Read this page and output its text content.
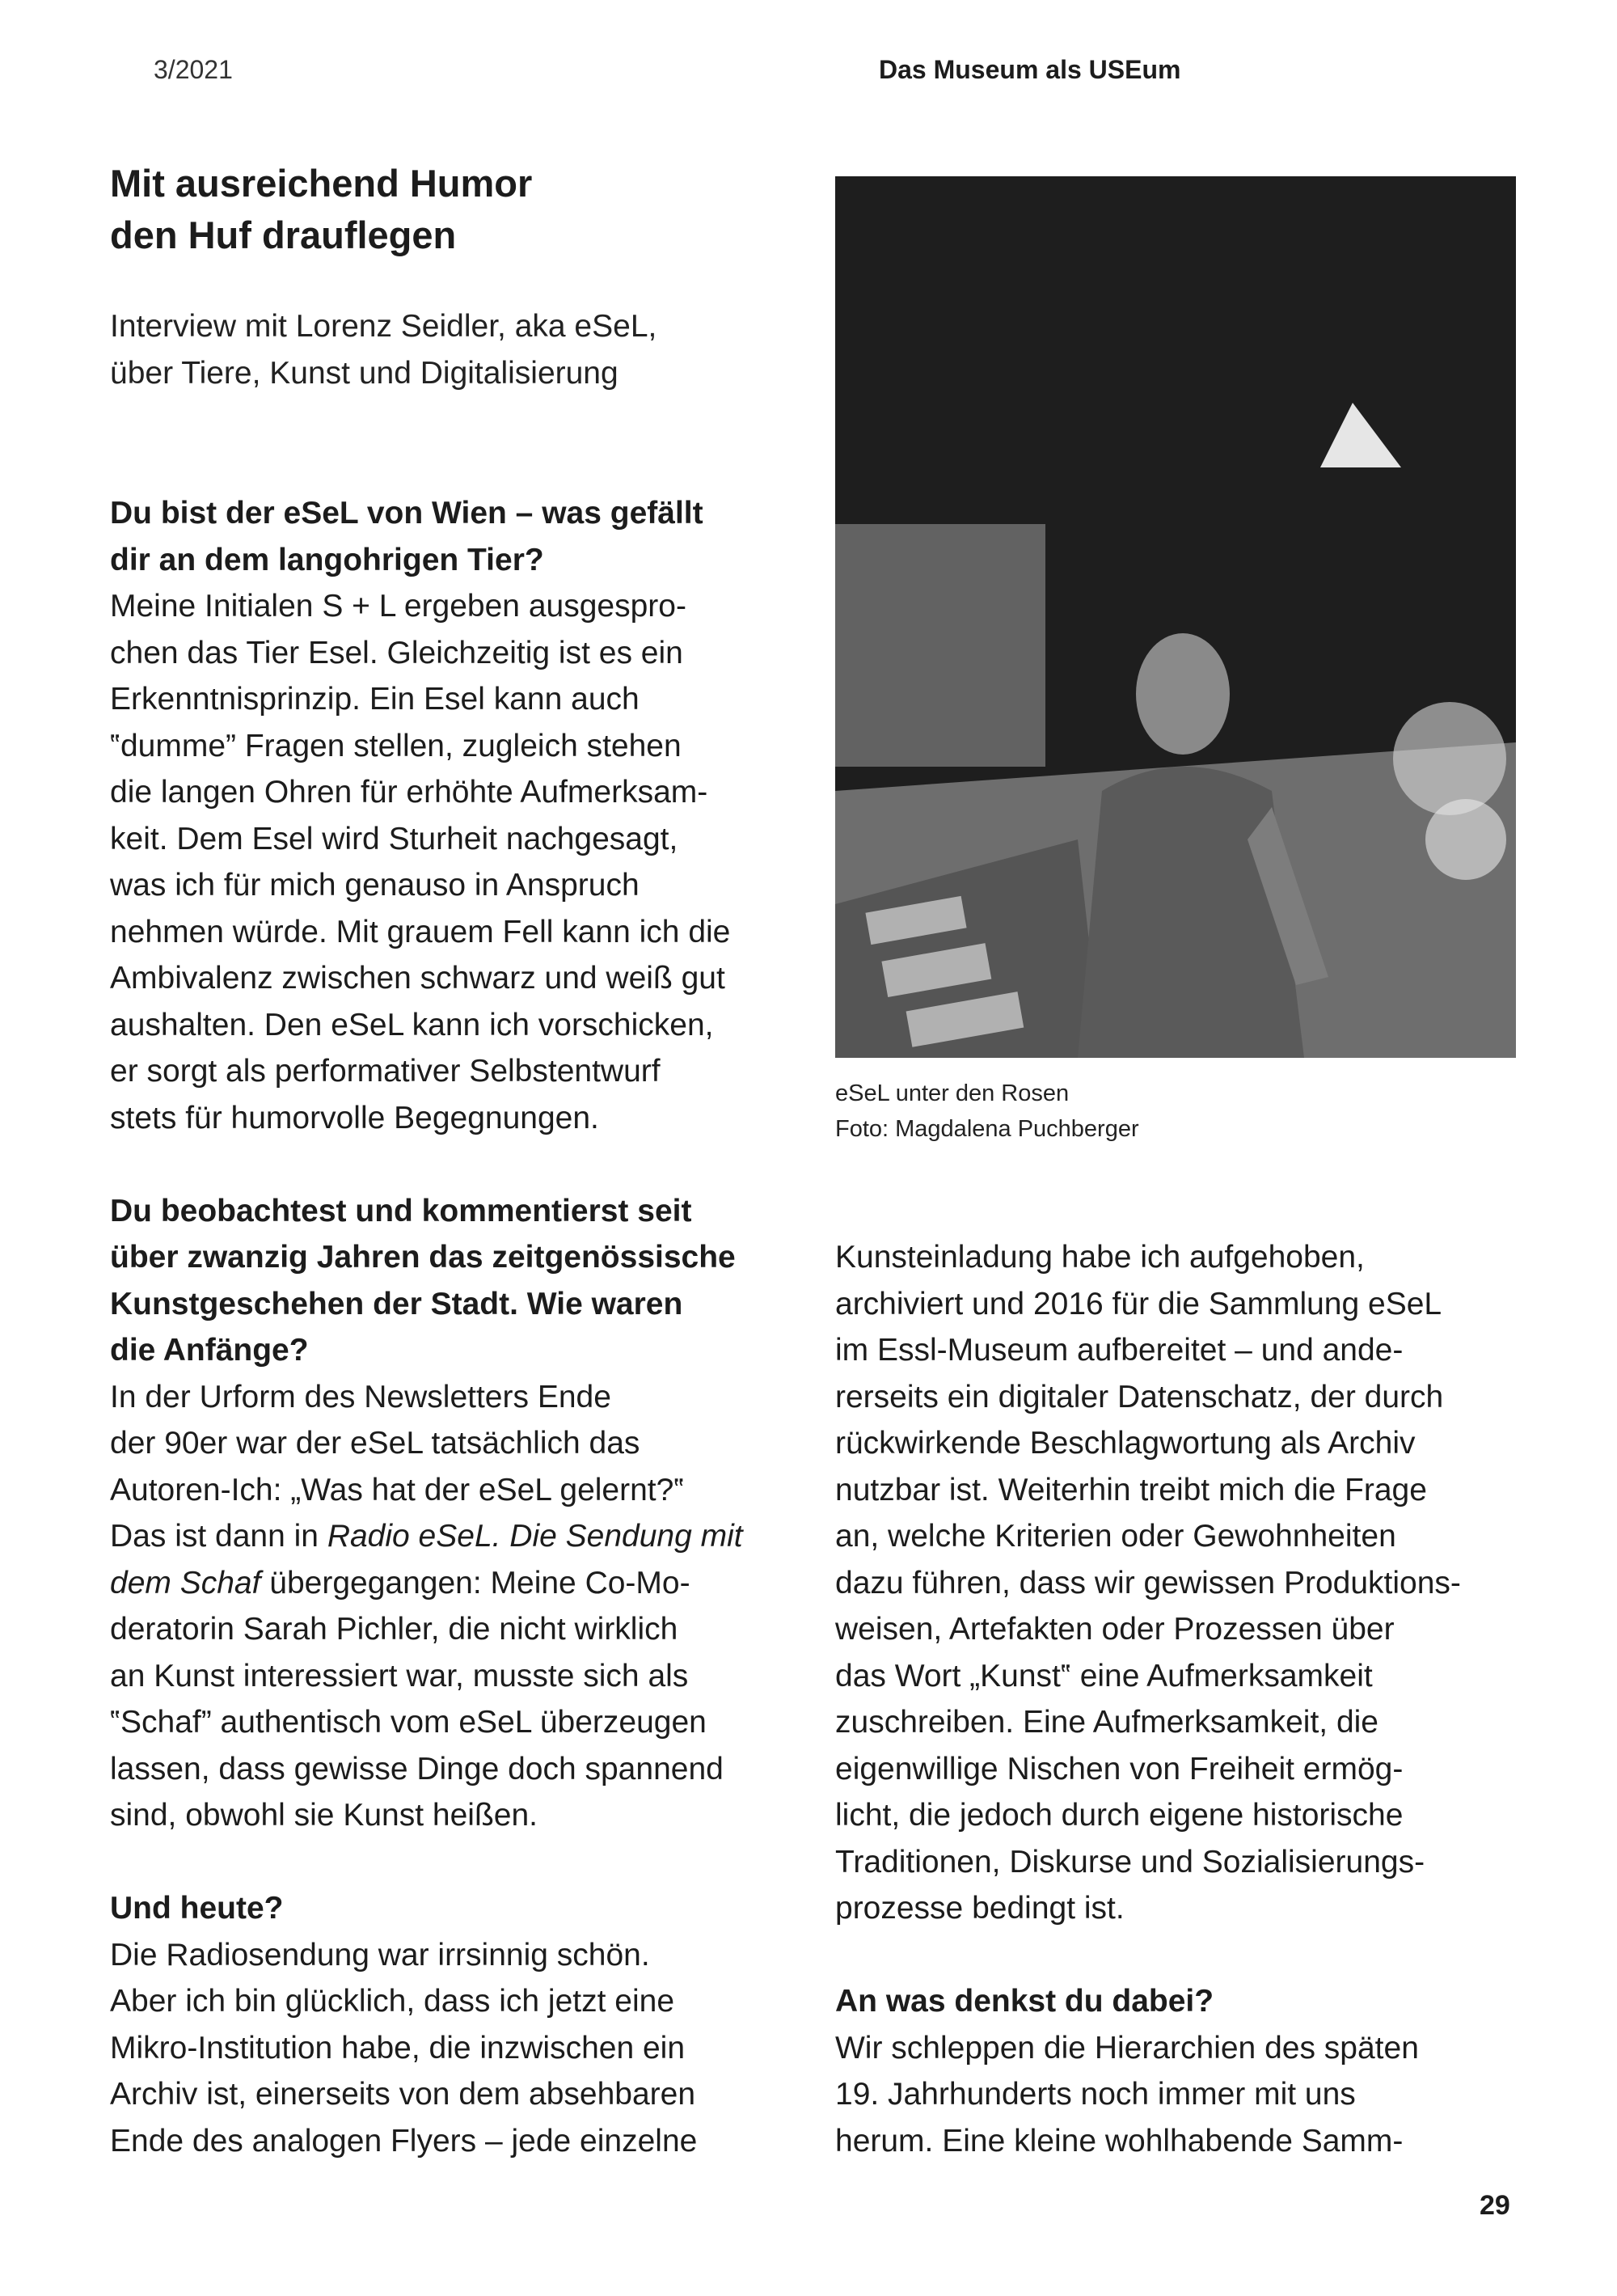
3/2021	Das Museum als USEum
Mit ausreichend Humor
den Huf drauflegen
Interview mit Lorenz Seidler, aka eSeL,
über Tiere, Kunst und Digitalisierung
eSeL unter den Rosen
Foto: Magdalena Puchberger
Du bist der eSeL von Wien – was gefällt
dir an dem langohrigen Tier?
Meine Initialen S + L ergeben ausgespro-
chen das Tier Esel. Gleichzeitig ist es ein
Erkenntnisprinzip. Ein Esel kann auch
‟dumme” Fragen stellen, zugleich stehen
die langen Ohren für erhöhte Aufmerksam-
keit. Dem Esel wird Sturheit nachgesagt,
was ich für mich genauso in Anspruch
nehmen würde. Mit grauem Fell kann ich die
Ambivalenz zwischen schwarz und weiß gut
aushalten. Den eSeL kann ich vorschicken,
er sorgt als performativer Selbstentwurf
stets für humorvolle Begegnungen.
Du beobachtest und kommentierst seit
über zwanzig Jahren das zeitgenössische
Kunstgeschehen der Stadt. Wie waren
die Anfänge?
In der Urform des Newsletters Ende
der 90er war der eSeL tatsächlich das
Autoren-Ich: „Was hat der eSeL gelernt?‟
Das ist dann in Radio eSeL. Die Sendung mit
dem Schaf übergegangen: Meine Co-Mo-
deratorin Sarah Pichler, die nicht wirklich
an Kunst interessiert war, musste sich als
‟Schaf” authentisch vom eSeL überzeugen
lassen, dass gewisse Dinge doch spannend
sind, obwohl sie Kunst heißen.
Und heute?
Die Radiosendung war irrsinnig schön.
Aber ich bin glücklich, dass ich jetzt eine
Mikro-Institution habe, die inzwischen ein
Archiv ist, einerseits von dem absehbaren
Ende des analogen Flyers – jede einzelne
Kunsteinladung habe ich aufgehoben,
archiviert und 2016 für die Sammlung eSeL
im Essl-Museum aufbereitet – und ande-
rerseits ein digitaler Datenschatz, der durch
rückwirkende Beschlagwortung als Archiv
nutzbar ist. Weiterhin treibt mich die Frage
an, welche Kriterien oder Gewohnheiten
dazu führen, dass wir gewissen Produktions-
weisen, Artefakten oder Prozessen über
das Wort „Kunst‟ eine Aufmerksamkeit
zuschreiben. Eine Aufmerksamkeit, die
eigenwillige Nischen von Freiheit ermög-
licht, die jedoch durch eigene historische
Traditionen, Diskurse und Sozialisierungs-
prozesse bedingt ist.
An was denkst du dabei?
Wir schleppen die Hierarchien des späten
19. Jahrhunderts noch immer mit uns
herum. Eine kleine wohlhabende Samm-
29
